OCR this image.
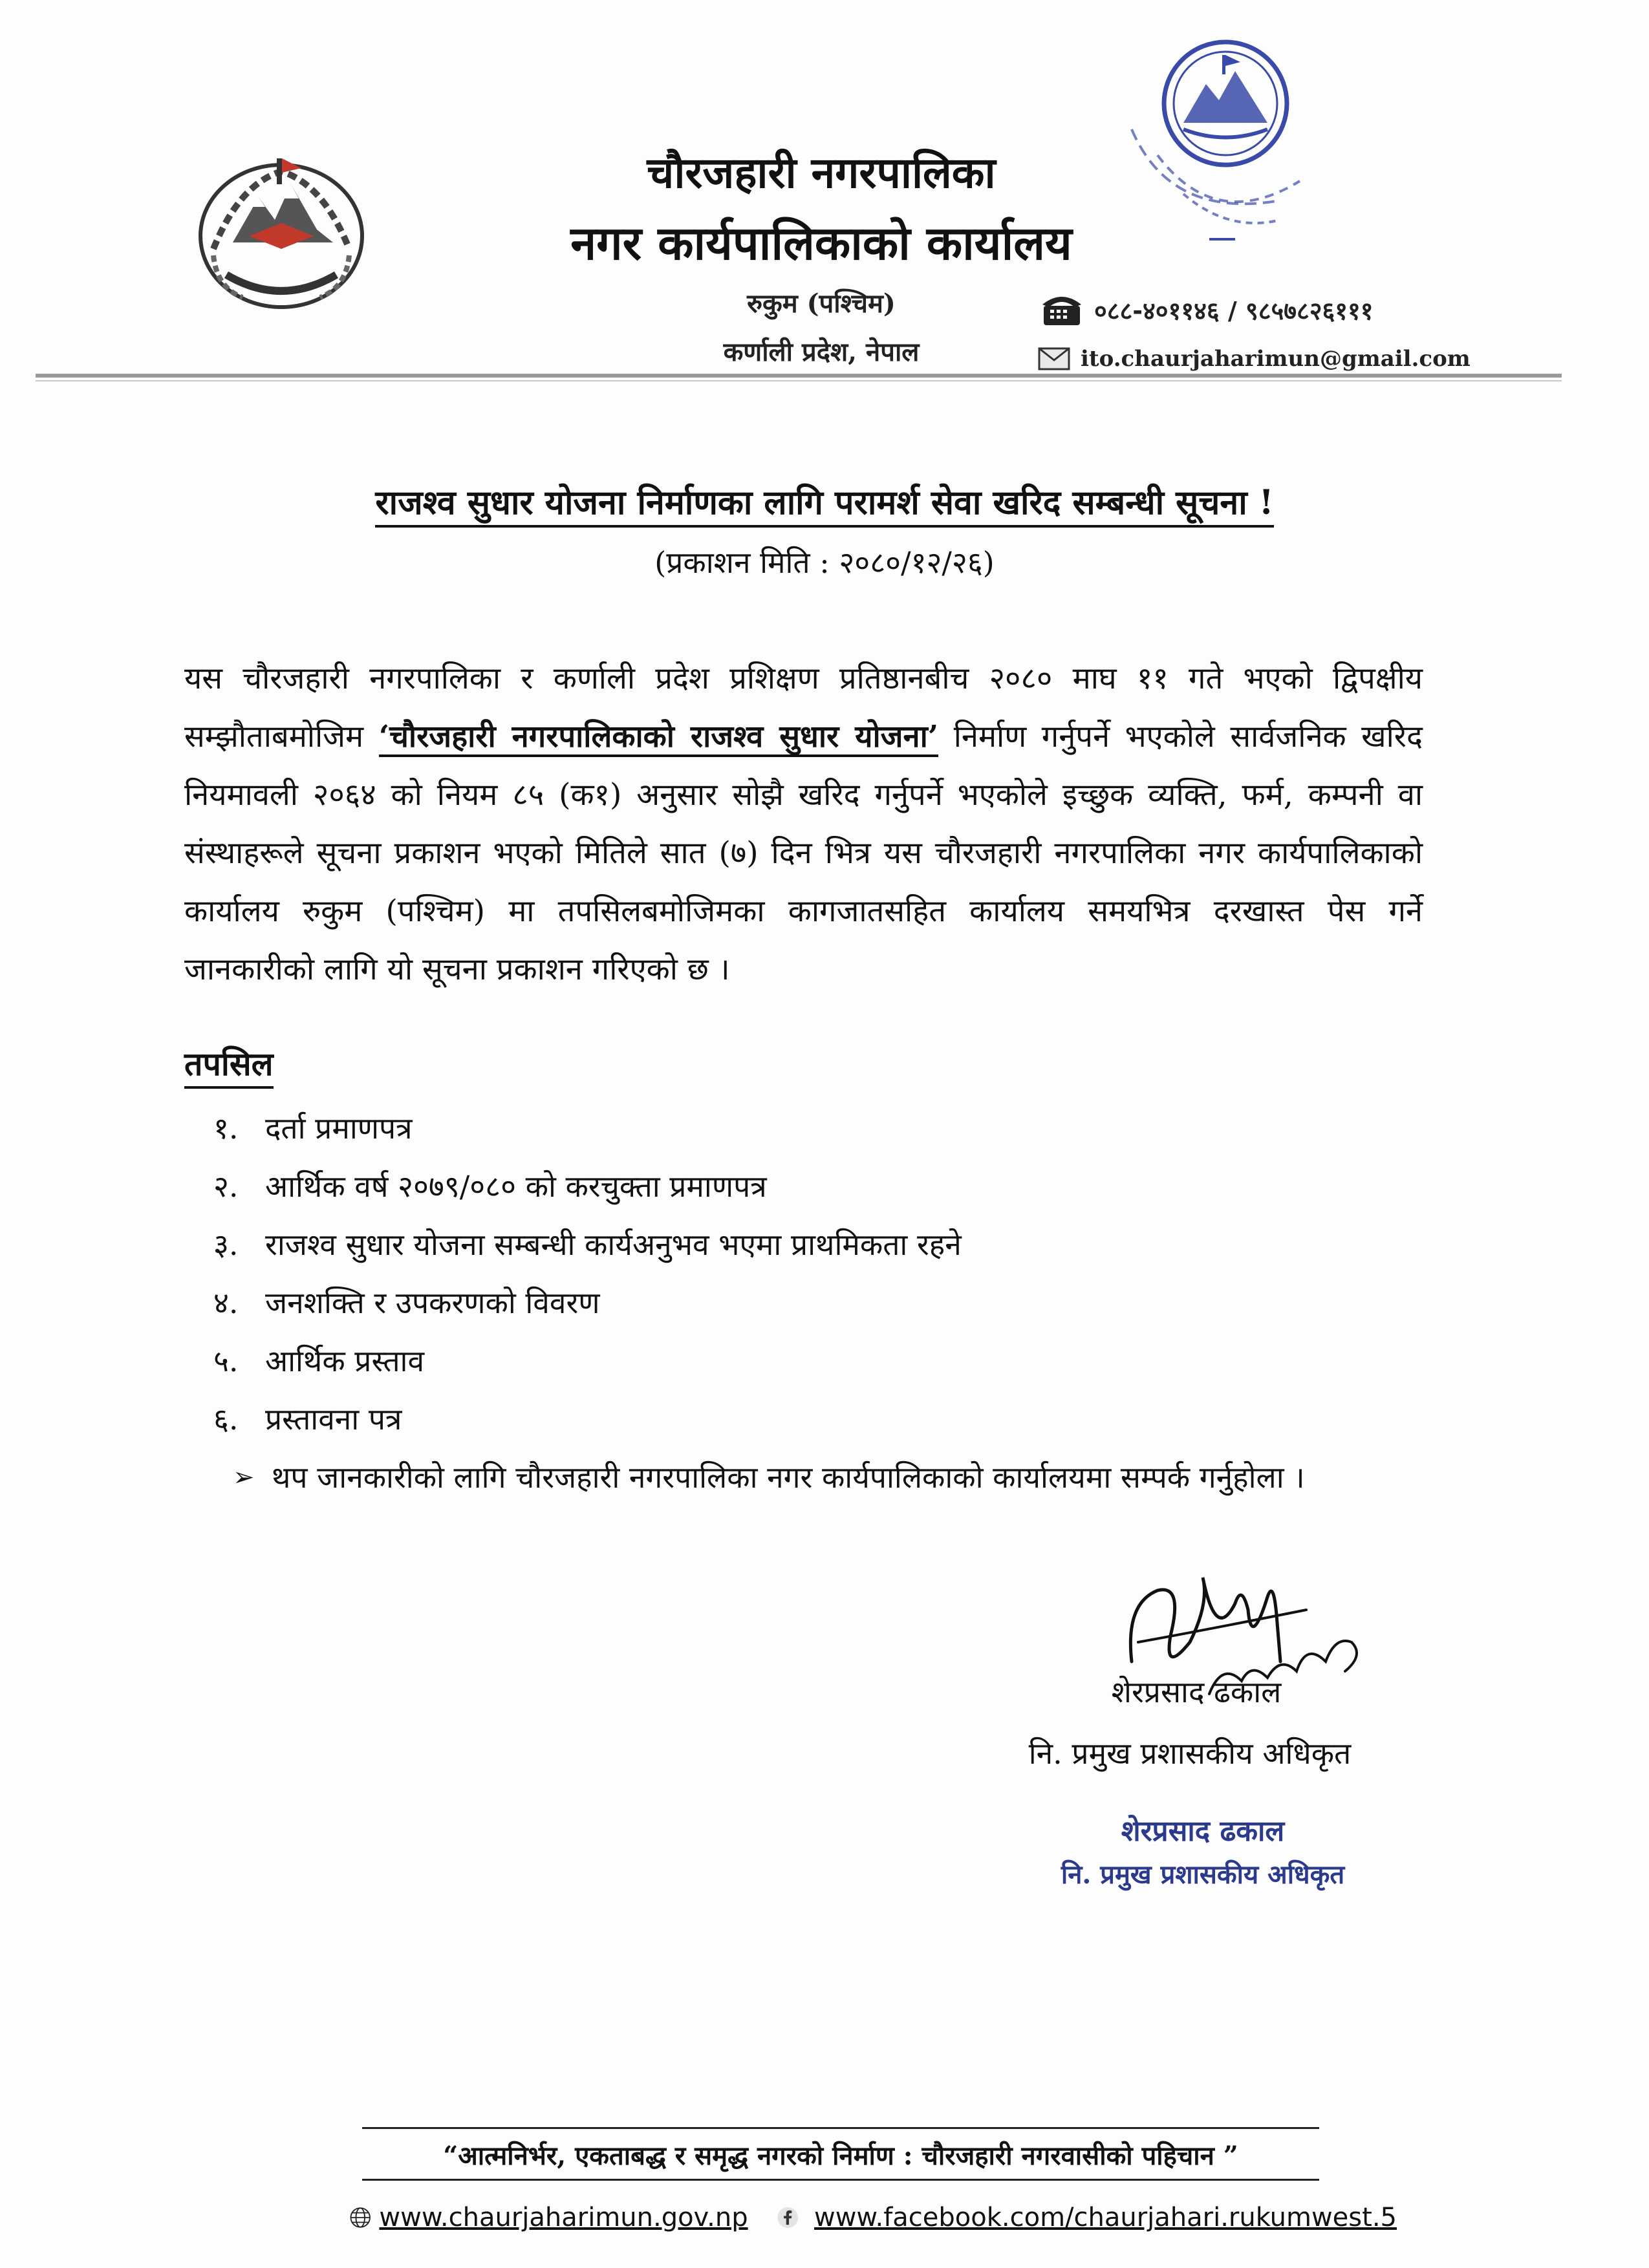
चौरजहारी नगरपालिका
नगर कार्यपालिकाको कार्यालय
रुकुम (पश्चिम)
कर्णाली प्रदेश, नेपाल
०८८-४०११४६ / ९८५७८२६१११
ito.chaurjaharimun@gmail.com
राजश्व सुधार योजना निर्माणका लागि परामर्श सेवा खरिद सम्बन्धी सूचना !
(प्रकाशन मिति : २०८०/१२/२६)
यस चौरजहारी नगरपालिका र कर्णाली प्रदेश प्रशिक्षण प्रतिष्ठानबीच २०८० माघ ११ गते भएको द्विपक्षीय सम्झौताबमोजिम ‘चौरजहारी नगरपालिकाको राजश्व सुधार योजना’ निर्माण गर्नुपर्ने भएकोले सार्वजनिक खरिद नियमावली २०६४ को नियम ८५ (क१) अनुसार सोझै खरिद गर्नुपर्ने भएकोले इच्छुक व्यक्ति, फर्म, कम्पनी वा संस्थाहरूले सूचना प्रकाशन भएको मितिले सात (७) दिन भित्र यस चौरजहारी नगरपालिका नगर कार्यपालिकाको कार्यालय रुकुम (पश्चिम) मा तपसिलबमोजिमका कागजातसहित कार्यालय समयभित्र दरखास्त पेस गर्ने जानकारीको लागि यो सूचना प्रकाशन गरिएको छ ।
तपसिल
१. दर्ता प्रमाणपत्र
२. आर्थिक वर्ष २०७९/०८० को करचुक्ता प्रमाणपत्र
३. राजश्व सुधार योजना सम्बन्धी कार्यअनुभव भएमा प्राथमिकता रहने
४. जनशक्ति र उपकरणको विवरण
५. आर्थिक प्रस्ताव
६. प्रस्तावना पत्र
➢ थप जानकारीको लागि चौरजहारी नगरपालिका नगर कार्यपालिकाको कार्यालयमा सम्पर्क गर्नुहोला ।
शेरप्रसाद ढकाल
नि. प्रमुख प्रशासकीय अधिकृत
शेरप्रसाद ढकाल
नि. प्रमुख प्रशासकीय अधिकृत
“आत्मनिर्भर, एकताबद्ध र समृद्ध नगरको निर्माण : चौरजहारी नगरवासीको पहिचान ”
www.chaurjaharimun.gov.np	www.facebook.com/chaurjahari.rukumwest.5
